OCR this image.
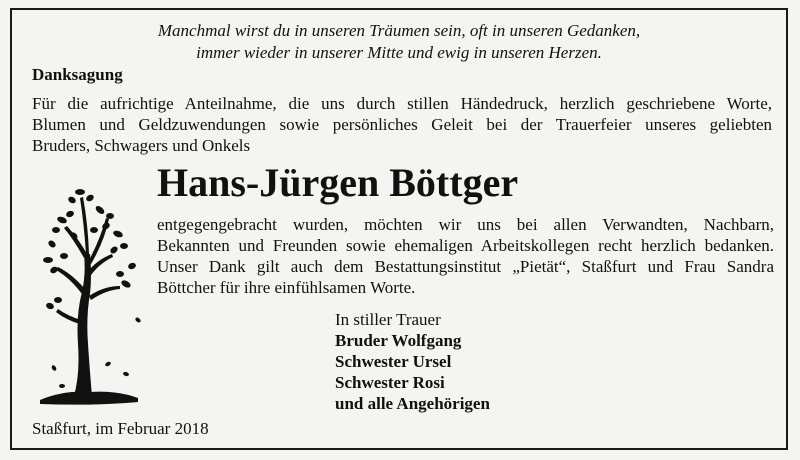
Manchmal wirst du in unseren Träumen sein, oft in unseren Gedanken,
immer wieder in unserer Mitte und ewig in unseren Herzen.
Danksagung
Für die aufrichtige Anteilnahme, die uns durch stillen Händedruck, herzlich geschriebene Worte,
Blumen und Geldzuwendungen sowie persönliches Geleit bei der Trauerfeier unseres geliebten
Bruders, Schwagers und Onkels
Hans-Jürgen Böttger
entgegengebracht wurden, möchten wir uns bei allen Verwandten, Nachbarn,
Bekannten und Freunden sowie ehemaligen Arbeitskollegen recht herzlich bedanken.
Unser Dank gilt auch dem Bestattungsinstitut „Pietät“, Staßfurt und Frau Sandra
Böttcher für ihre einfühlsamen Worte.
In stiller Trauer
Bruder Wolfgang
Schwester Ursel
Schwester Rosi
und alle Angehörigen
Staßfurt, im Februar 2018
